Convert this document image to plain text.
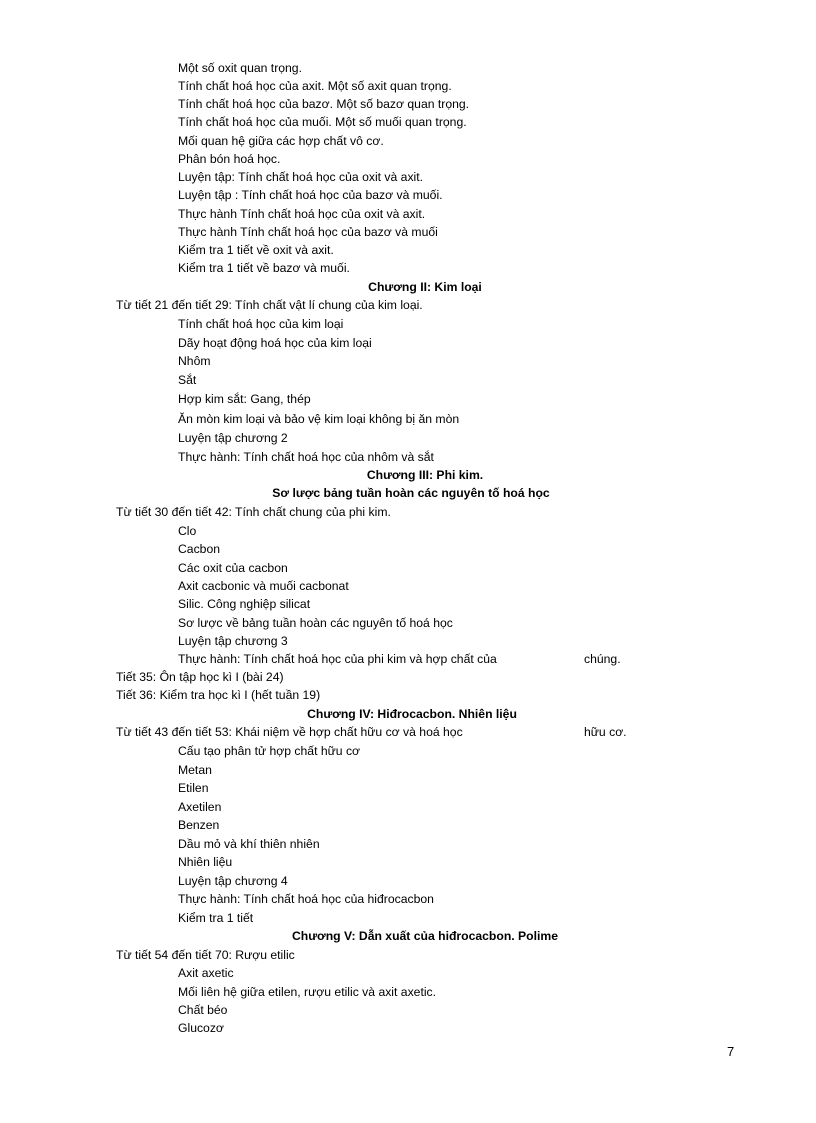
Một số oxit quan trọng.
Tính chất hoá học của axit. Một số axit quan trọng.
Tính chất hoá học của bazơ. Một số bazơ quan trọng.
Tính chất hoá học của muối. Một số muối quan trọng.
Mối quan hệ giữa các hợp chất vô cơ.
Phân bón hoá học.
Luyện tập: Tính chất hoá học của oxit và axit.
Luyện tập : Tính chất hoá học của bazơ và muối.
Thực hành Tính chất hoá học của oxit và axit.
Thực hành Tính chất hoá học của bazơ và muối
Kiểm tra 1 tiết về oxit và axit.
Kiểm tra 1 tiết về bazơ và muối.
Chương II: Kim loại
Từ tiết 21 đến tiết 29: Tính chất vật lí chung của kim loại.
Tính chất hoá học của kim loại
Dãy hoạt động hoá học của kim loại
Nhôm
Sắt
Hợp kim sắt: Gang, thép
Ăn mòn kim loại và bảo vệ kim loại không bị ăn mòn
Luyện tập chương 2
Thực hành: Tính chất hoá học của nhôm và sắt
Chương III: Phi kim.
Sơ lược bảng tuần hoàn các nguyên tố hoá học
Từ tiết 30 đến tiết 42: Tính chất chung của phi kim.
Clo
Cacbon
Các oxit của cacbon
Axit cacbonic và muối cacbonat
Silic. Công nghiệp silicat
Sơ lược về bảng tuần hoàn các nguyên tố hoá học
Luyện tập chương 3
Thực hành: Tính chất hoá học của phi kim và hợp chất của	chúng.
Tiết 35: Ôn tập học kì I (bài 24)
Tiết 36: Kiểm tra học kì I (hết tuần 19)
Chương IV: Hiđrocacbon. Nhiên liệu
Từ tiết 43 đến tiết 53: Khái niệm về hợp chất hữu cơ và hoá học	hữu cơ.
Cấu tạo phân tử hợp chất hữu cơ
Metan
Etilen
Axetilen
Benzen
Dầu mỏ và khí thiên nhiên
Nhiên liệu
Luyện tập chương 4
Thực hành: Tính chất hoá học của hiđrocacbon
Kiểm tra 1 tiết
Chương V: Dẫn xuất của hiđrocacbon. Polime
Từ tiết 54 đến tiết 70: Rượu etilic
Axit axetic
Mối liên hệ giữa etilen, rượu etilic và axit axetic.
Chất béo
Glucozơ
7
